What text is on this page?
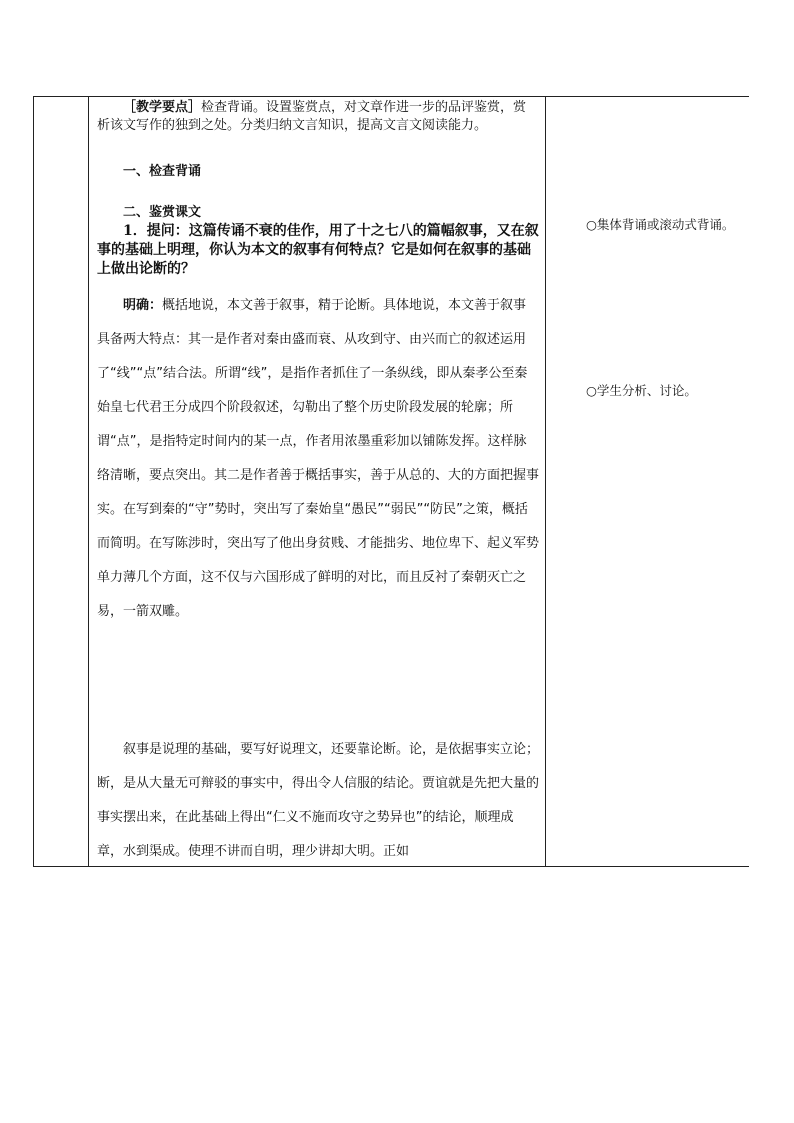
［教学要点］检查背诵。设置鉴赏点，对文章作进一步的品评鉴赏，赏析该文写作的独到之处。分类归纳文言知识，提高文言文阅读能力。

一、检查背诵

二、鉴赏课文

1．提问：这篇传诵不衰的佳作，用了十之七八的篇幅叙事，又在叙事的基础上明理，你认为本文的叙事有何特点？它是如何在叙事的基础上做出论断的？

明确：概括地说，本文善于叙事，精于论断。具体地说，本文善于叙事具备两大特点：其一是作者对秦由盛而衰、从攻到守、由兴而亡的叙述运用了“线”“点”结合法。所谓“线”，是指作者抓住了一条纵线，即从秦孝公至秦始皇七代君王分成四个阶段叙述，勾勒出了整个历史阶段发展的轮廓；所谓“点”，是指特定时间内的某一点，作者用浓墨重彩加以铺陈发挥。这样脉络清晰，要点突出。其二是作者善于概括事实，善于从总的、大的方面把握事实。在写到秦的“守”势时，突出写了秦始皇“愚民”“弱民”“防民”之策，概括而简明。在写陈涉时，突出写了他出身贫贱、才能拙劣、地位卑下、起义军势单力薄几个方面，这不仅与六国形成了鲜明的对比，而且反衬了秦朝灭亡之易，一箭双雕。

叙事是说理的基础，要写好说理文，还要靠论断。论，是依据事实立论；断，是从大量无可辩驳的事实中，得出令人信服的结论。贾谊就是先把大量的事实摆出来，在此基础上得出“仁义不施而攻守之势异也”的结论，顺理成章，水到渠成。使理不讲而自明，理少讲却大明。正如

○集体背诵或滚动式背诵。
○学生分析、讨论。
